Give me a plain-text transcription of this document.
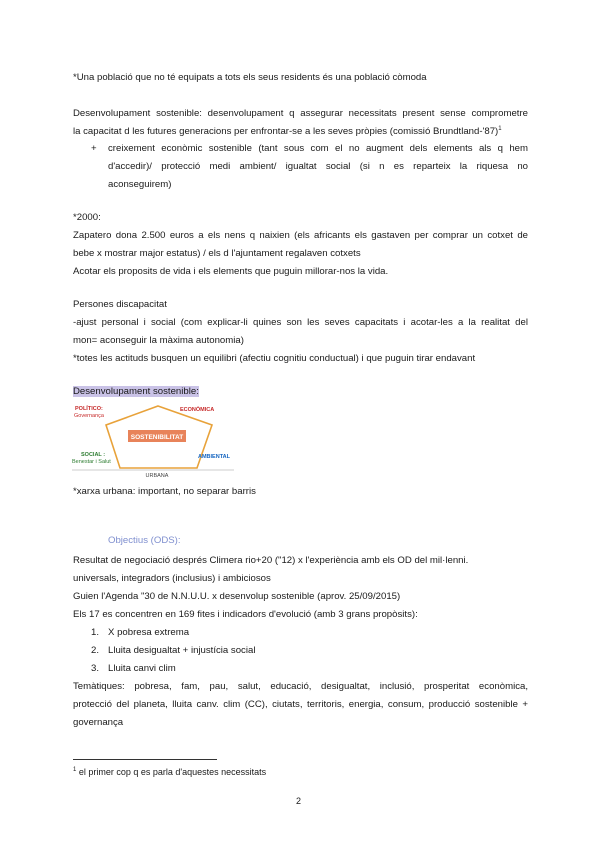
*Una població que no té equipats a tots els seus residents és una població còmoda
Desenvolupament sostenible: desenvolupament q assegurar necessitats present sense comprometre
la capacitat d les futures generacions per enfrontar-se a les seves pròpies (comissió Brundtland-'87)$^1$
+ creixement econòmic sostenible (tant sous com el no augment dels elements als q hem
d'accedir)/ protecció medi ambient/ igualtat social (si n es reparteix la riquesa no
aconseguirem)
*2000:
Zapatero dona 2.500 euros a els nens q naixien (els africants els gastaven per comprar un cotxet de
bebe x mostrar major estatus) / els d l'ajuntament regalaven cotxets
Acotar els proposits de vida i els elements que puguin millorar-nos la vida.
Persones discapacitat
-ajust personal i social (com explicar-li quines son les seves capacitats i acotar-les a la realitat del
mon= aconseguir la màxima autonomia)
*totes les actituds busquen un equilibri (afectiu cognitiu conductual) i que puguin tirar endavant
Desenvolupament sostenible:
SOSTENIBILITAT
POLÍTICO:
Governança
ECONÒMICA
SOCIAL :
Benestar i Salut
AMBIENTAL
URBANA
*xarxa urbana: important, no separar barris
Objectius (ODS):
Resultat de negociació després Climera rio+20 ("12) x l'experiència amb els OD del mil·lenni.
universals, integradors (inclusius) i ambiciosos
Guien l'Agenda "30 de N.N.U.U. x desenvolup sostenible (aprov. 25/09/2015)
Els 17 es concentren en 169 fites i indicadors d'evolució (amb 3 grans propòsits):
1. X pobresa extrema
2. Lluita desigualtat + injustícia social
3. Lluita canvi clim
Temàtiques: pobresa, fam, pau, salut, educació, desigualtat, inclusió, prosperitat econòmica,
protecció del planeta, lluita canv. clim (CC), ciutats, territoris, energia, consum, producció sostenible +
governança
$^1$ el primer cop q es parla d'aquestes necessitats
2
